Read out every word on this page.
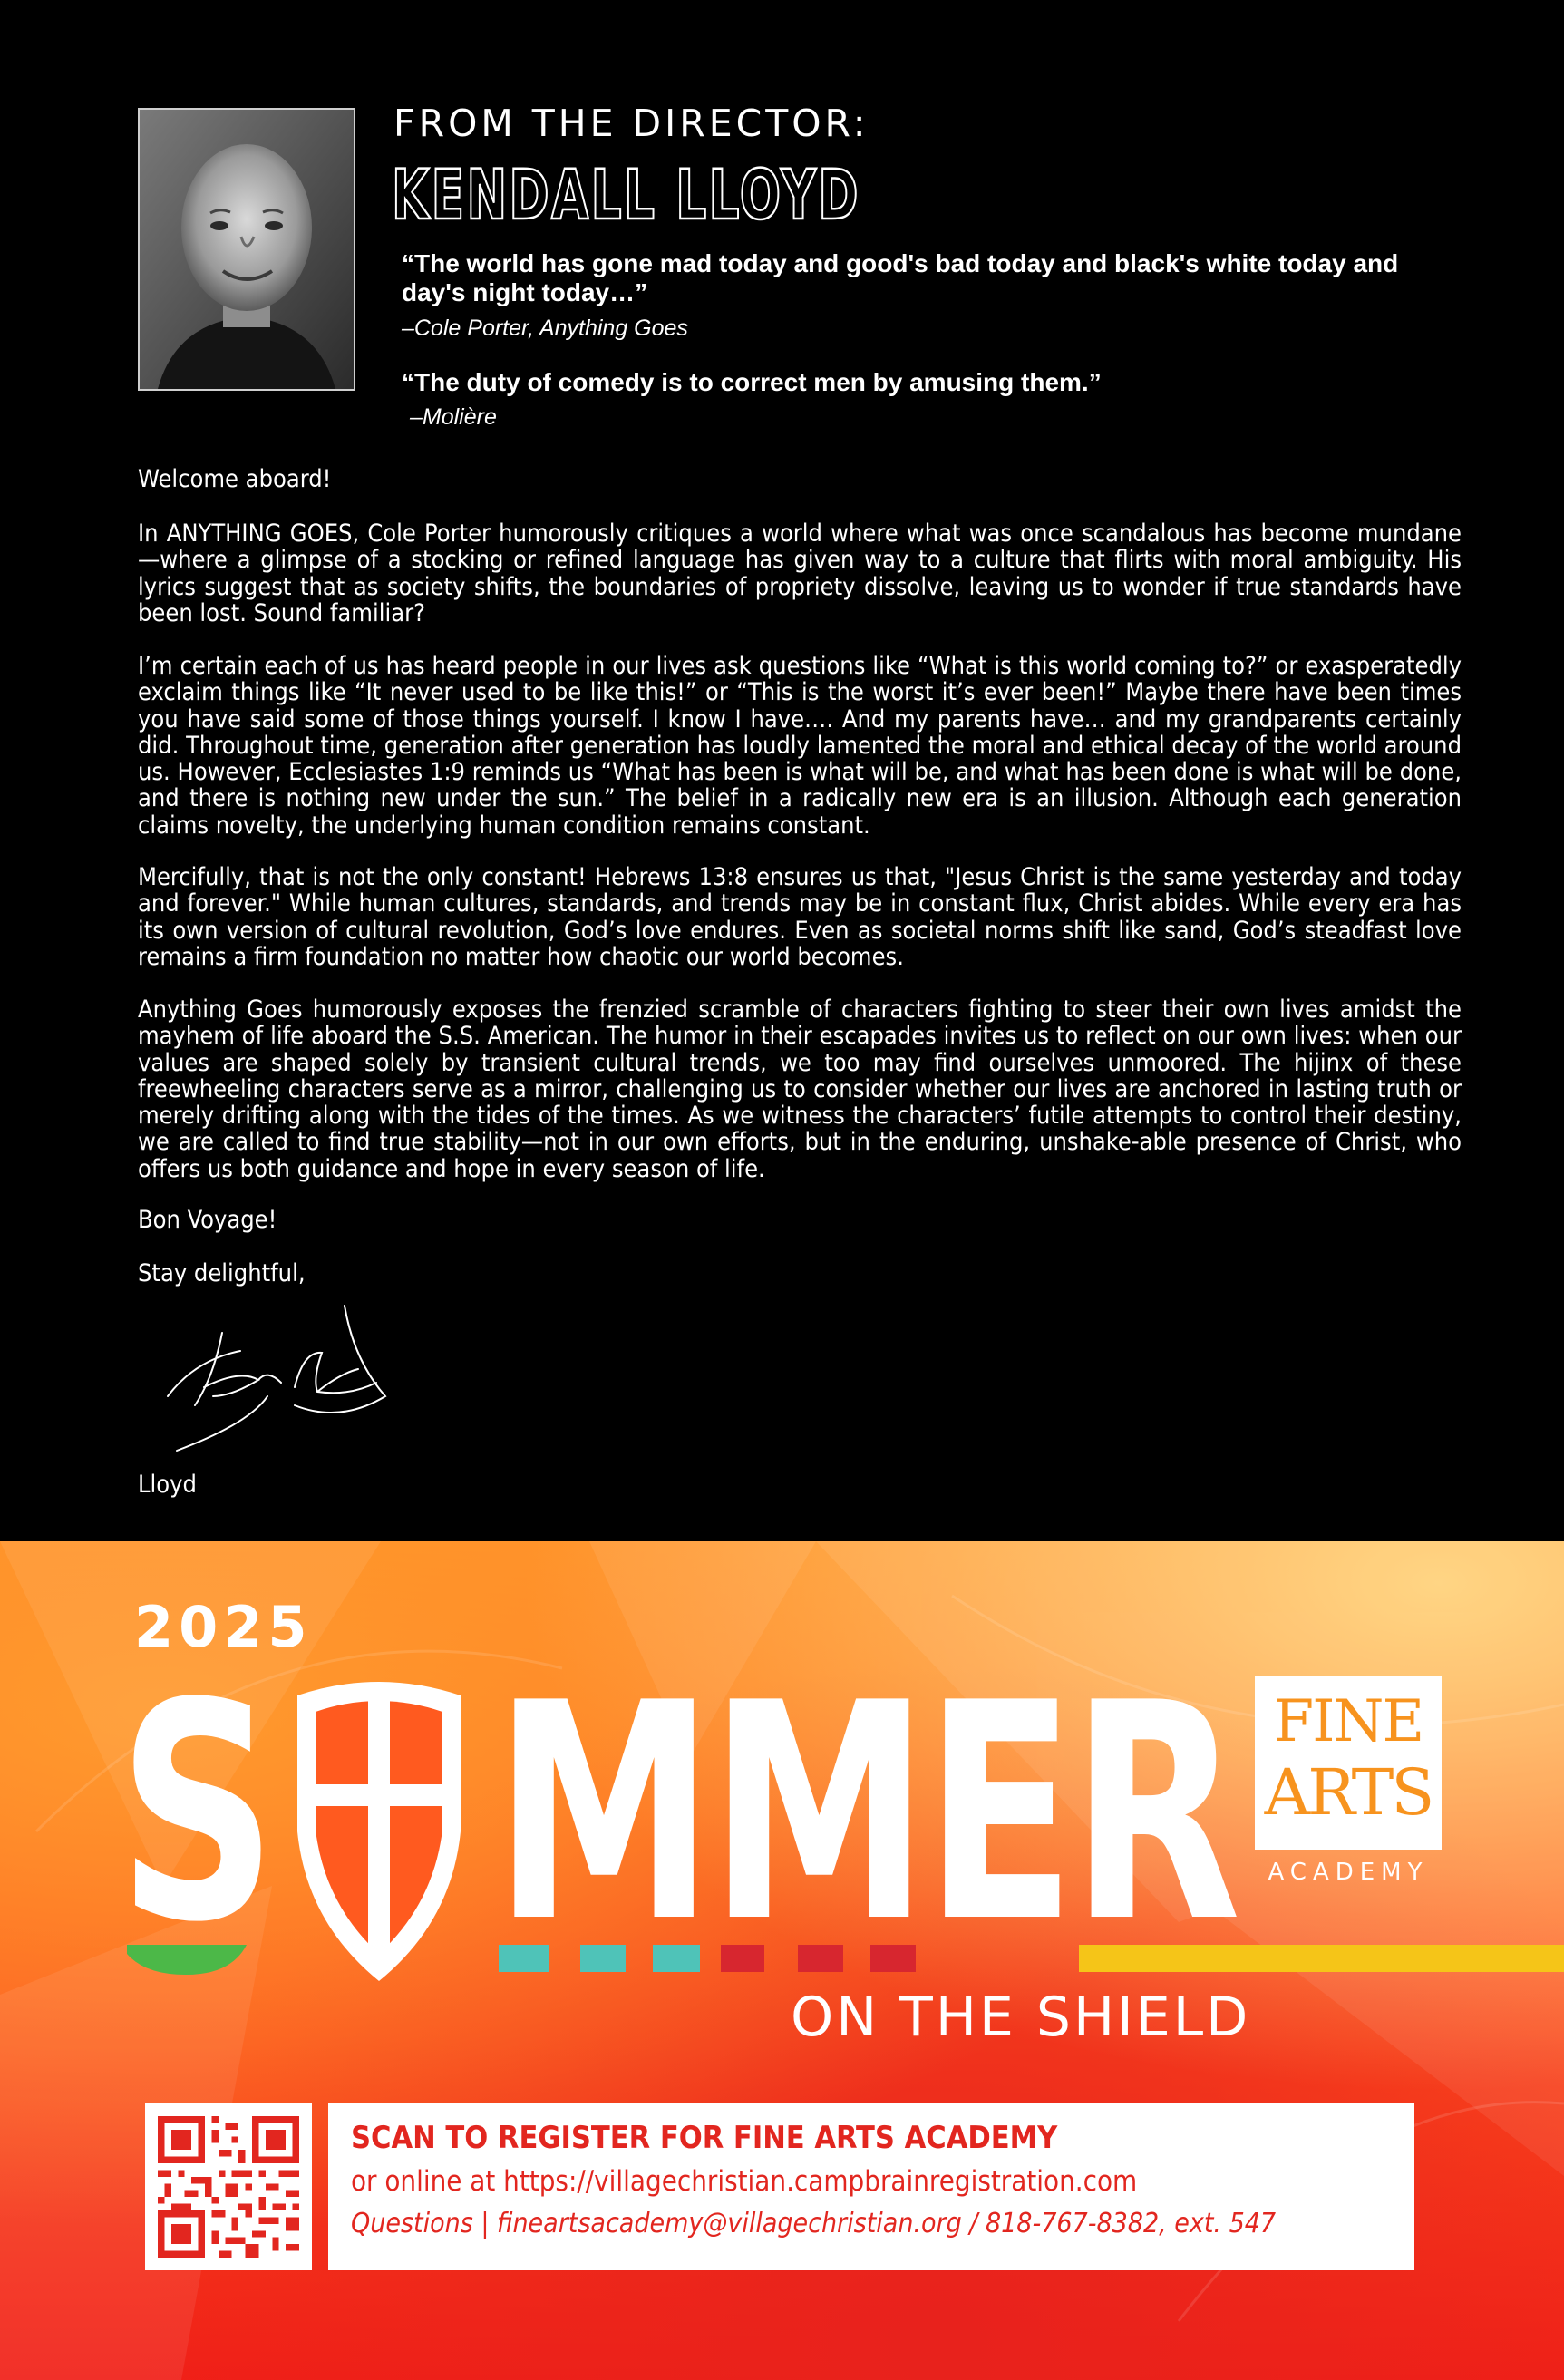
FROM THE DIRECTOR:
KENDALL LLOYD
“The world has gone mad today and good's bad today and black's white today and day's night today…”
–Cole Porter, Anything Goes
“The duty of comedy is to correct men by amusing them.”
–Molière
Welcome aboard!

In ANYTHING GOES, Cole Porter humorously critiques a world where what was once scandalous has become mundane—where a glimpse of a stocking or refined language has given way to a culture that flirts with moral ambiguity. His lyrics suggest that as society shifts, the boundaries of propriety dissolve, leaving us to wonder if true standards have been lost. Sound familiar?

I’m certain each of us has heard people in our lives ask questions like “What is this world coming to?” or exasperatedly exclaim things like “It never used to be like this!” or “This is the worst it’s ever been!” Maybe there have been times you have said some of those things yourself. I know I have…. And my parents have… and my grandparents certainly did. Throughout time, generation after generation has loudly lamented the moral and ethical decay of the world around us. However, Ecclesiastes 1:9 reminds us “What has been is what will be, and what has been done is what will be done, and there is nothing new under the sun.” The belief in a radically new era is an illusion. Although each generation claims novelty, the underlying human condition remains constant.

Mercifully, that is not the only constant! Hebrews 13:8 ensures us that, "Jesus Christ is the same yesterday and today and forever." While human cultures, standards, and trends may be in constant flux, Christ abides. While every era has its own version of cultural revolution, God’s love endures. Even as societal norms shift like sand, God’s steadfast love remains a firm foundation no matter how chaotic our world becomes.

Anything Goes humorously exposes the frenzied scramble of characters fighting to steer their own lives amidst the mayhem of life aboard the S.S. American. The humor in their escapades invites us to reflect on our own lives: when our values are shaped solely by transient cultural trends, we too may find ourselves unmoored. The hijinx of these freewheeling characters serve as a mirror, challenging us to consider whether our lives are anchored in lasting truth or merely drifting along with the tides of the times. As we witness the characters’ futile attempts to control their destiny, we are called to find true stability—not in our own efforts, but in the enduring, unshake-able presence of Christ, who offers us both guidance and hope in every season of life.

Bon Voyage!
Stay delightful,
Lloyd
2025
S MMER
ON THE SHIELD
FINE
ARTS
ACADEMY
SCAN TO REGISTER FOR FINE ARTS ACADEMY
or online at https://villagechristian.campbrainregistration.com
Questions | fineartsacademy@villagechristian.org / 818-767-8382, ext. 547
